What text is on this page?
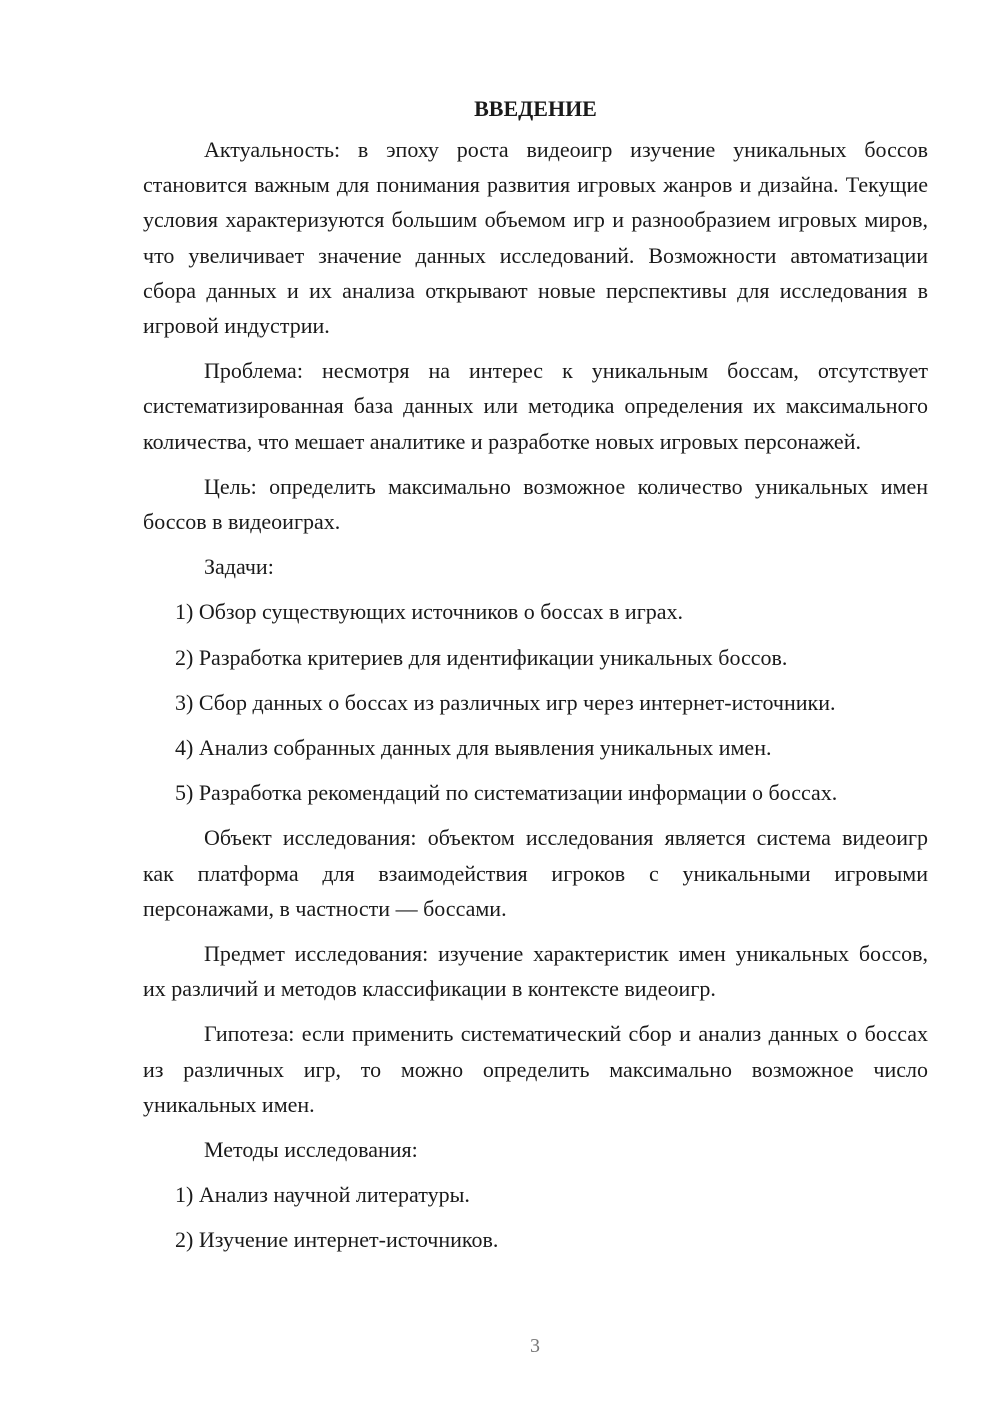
ВВЕДЕНИЕ

Актуальность: в эпоху роста видеоигр изучение уникальных боссов становится важным для понимания развития игровых жанров и дизайна. Текущие условия характеризуются большим объемом игр и разнообразием игровых миров, что увеличивает значение данных исследований. Возможности автоматизации сбора данных и их анализа открывают новые перспективы для исследования в игровой индустрии.

Проблема: несмотря на интерес к уникальным боссам, отсутствует систематизированная база данных или методика определения их максимального количества, что мешает аналитике и разработке новых игровых персонажей.

Цель: определить максимально возможное количество уникальных имен боссов в видеоиграх.

Задачи:
1) Обзор существующих источников о боссах в играх.
2) Разработка критериев для идентификации уникальных боссов.
3) Сбор данных о боссах из различных игр через интернет-источники.
4) Анализ собранных данных для выявления уникальных имен.
5) Разработка рекомендаций по систематизации информации о боссах.

Объект исследования: объектом исследования является система видеоигр как платформа для взаимодействия игроков с уникальными игровыми персонажами, в частности — боссами.

Предмет исследования: изучение характеристик имен уникальных боссов, их различий и методов классификации в контексте видеоигр.

Гипотеза: если применить систематический сбор и анализ данных о боссах из различных игр, то можно определить максимально возможное число уникальных имен.

Методы исследования:
1) Анализ научной литературы.
2) Изучение интернет-источников.
3
